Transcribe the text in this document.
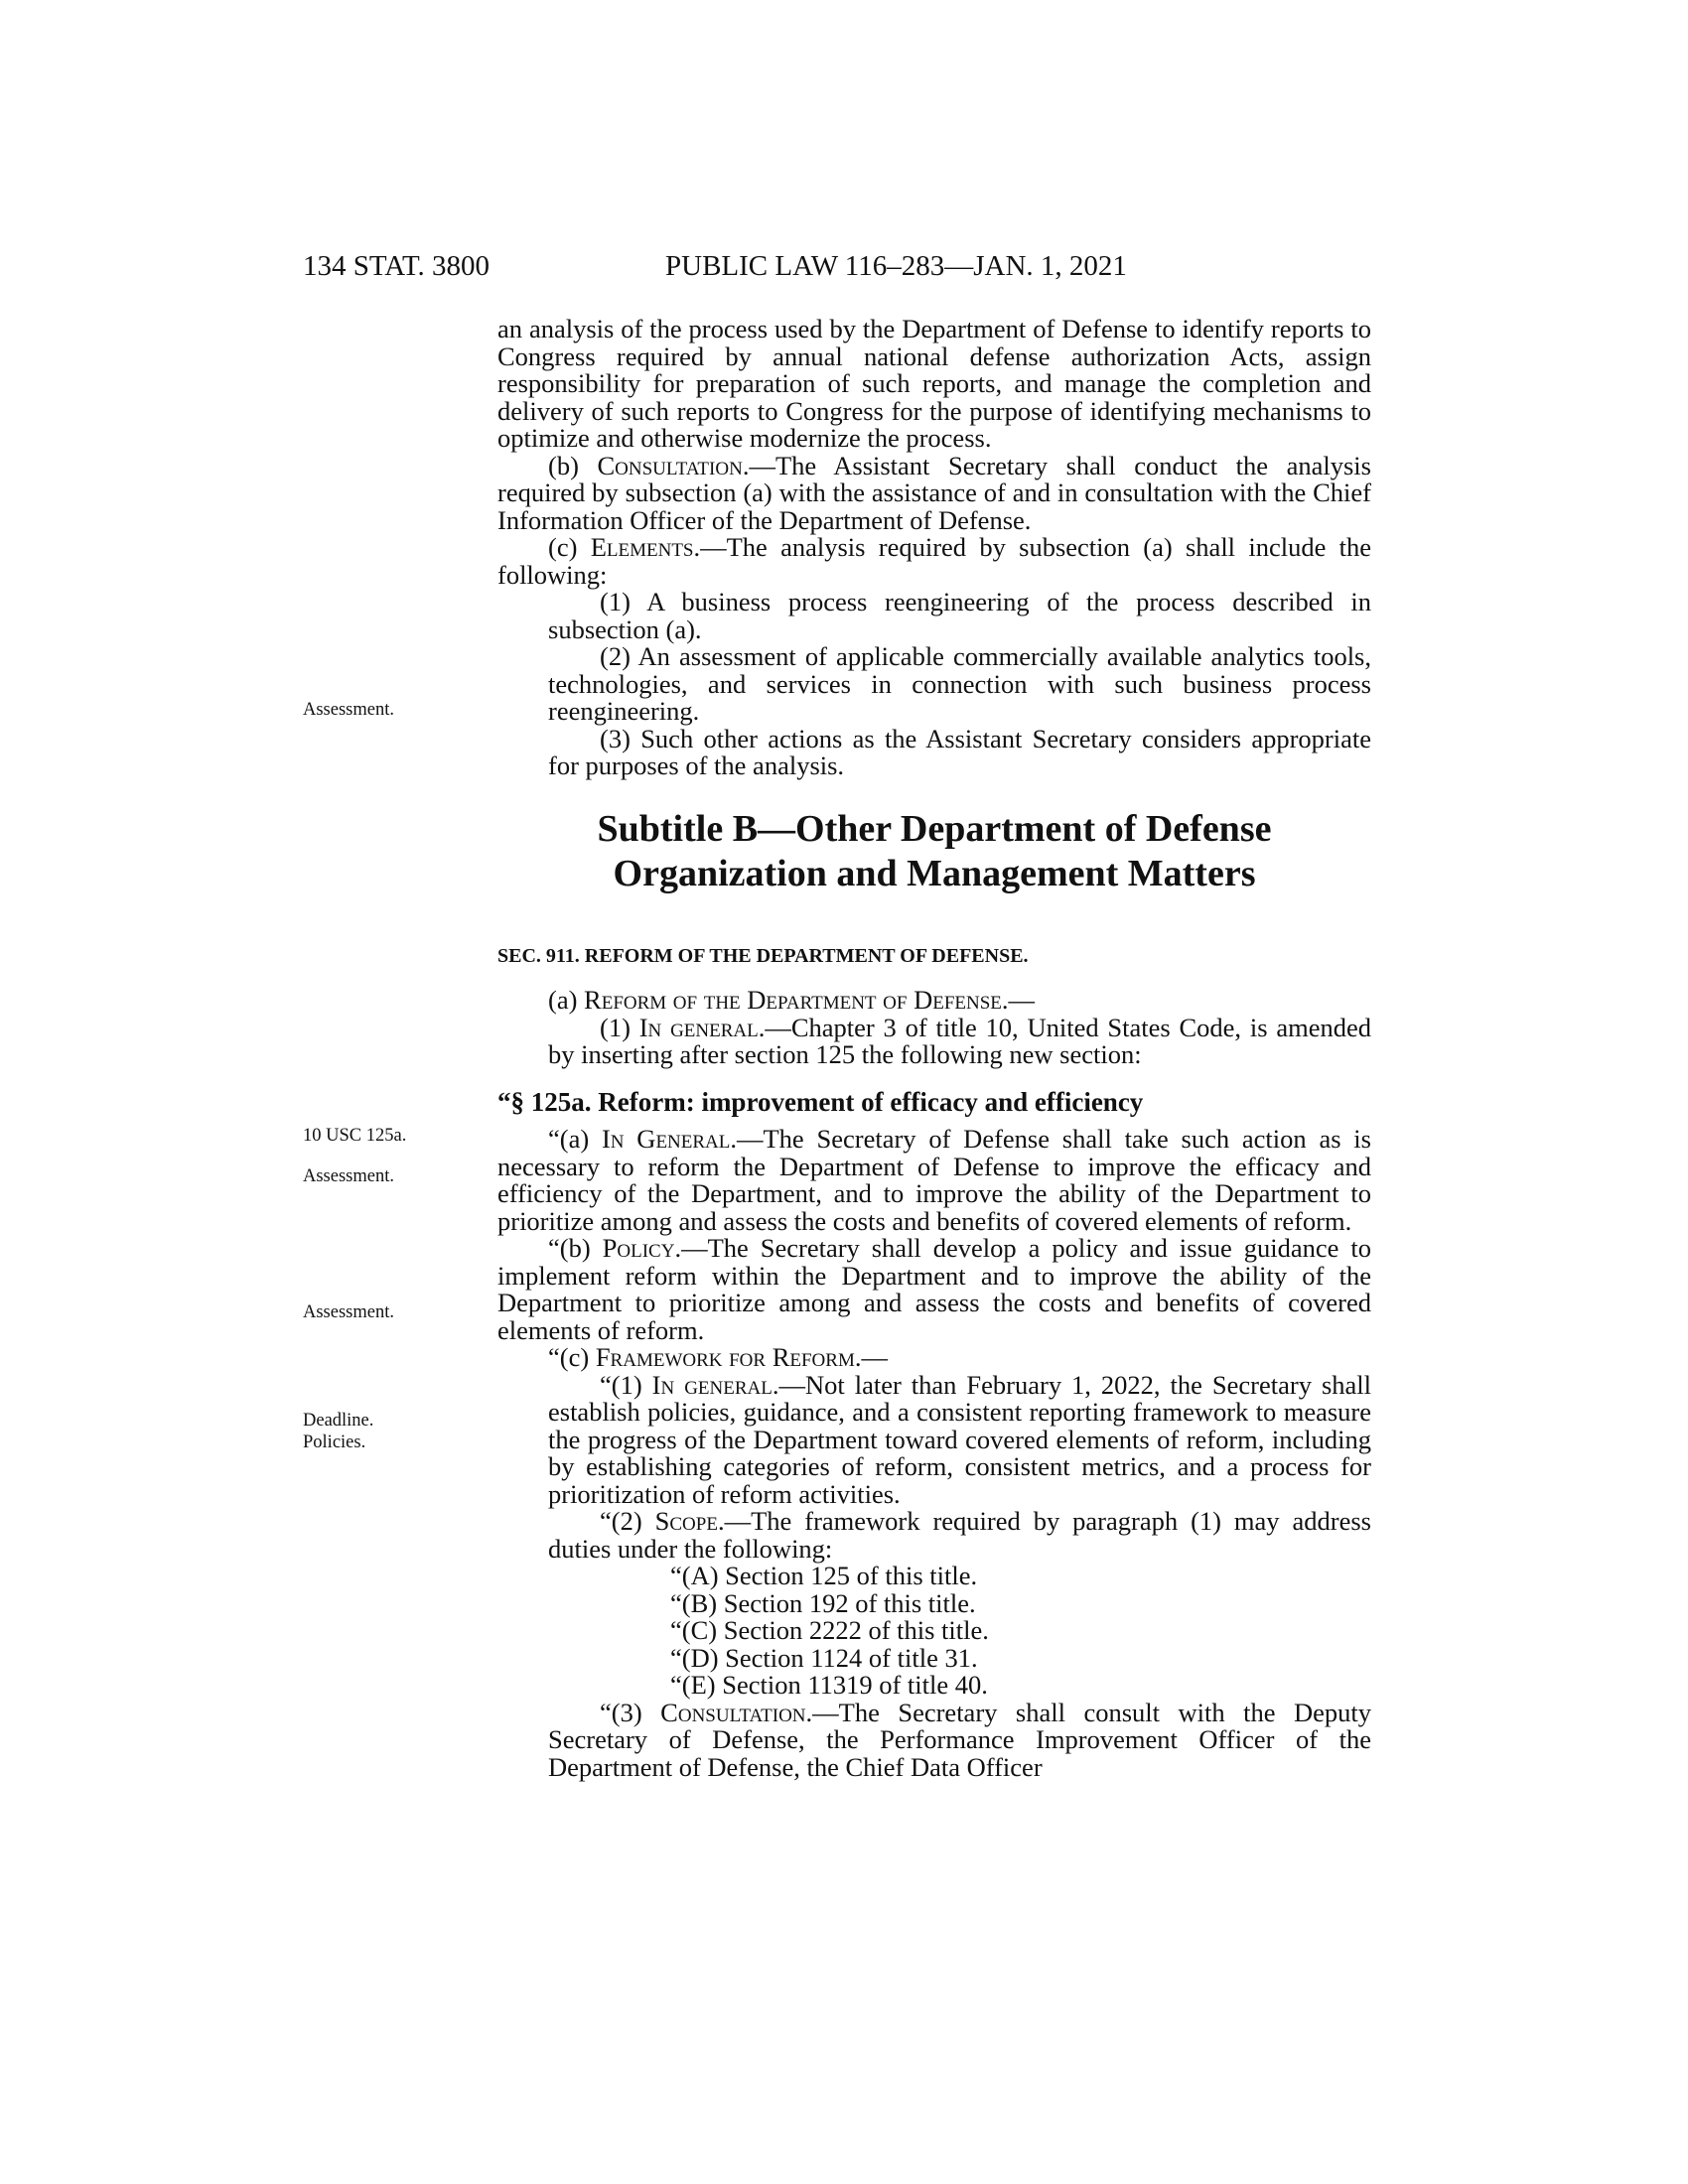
134 STAT. 3800	PUBLIC LAW 116–283—JAN. 1, 2021

an analysis of the process used by the Department of Defense to identify reports to Congress required by annual national defense authorization Acts, assign responsibility for preparation of such reports, and manage the completion and delivery of such reports to Congress for the purpose of identifying mechanisms to optimize and otherwise modernize the process.

(b) Consultation.—The Assistant Secretary shall conduct the analysis required by subsection (a) with the assistance of and in consultation with the Chief Information Officer of the Department of Defense.

(c) Elements.—The analysis required by subsection (a) shall include the following:

(1) A business process reengineering of the process described in subsection (a).

(2) An assessment of applicable commercially available analytics tools, technologies, and services in connection with such business process reengineering.

(3) Such other actions as the Assistant Secretary considers appropriate for purposes of the analysis.

Subtitle B—Other Department of Defense
Organization and Management Matters
SEC. 911. REFORM OF THE DEPARTMENT OF DEFENSE.

(a) Reform of the Department of Defense.—

(1) In general.—Chapter 3 of title 10, United States Code, is amended by inserting after section 125 the following new section:

“§ 125a. Reform: improvement of efficacy and efficiency

“(a) In General.—The Secretary of Defense shall take such action as is necessary to reform the Department of Defense to improve the efficacy and efficiency of the Department, and to improve the ability of the Department to prioritize among and assess the costs and benefits of covered elements of reform.

“(b) Policy.—The Secretary shall develop a policy and issue guidance to implement reform within the Department and to improve the ability of the Department to prioritize among and assess the costs and benefits of covered elements of reform.

“(c) Framework for Reform.—

“(1) In general.—Not later than February 1, 2022, the Secretary shall establish policies, guidance, and a consistent reporting framework to measure the progress of the Department toward covered elements of reform, including by establishing categories of reform, consistent metrics, and a process for prioritization of reform activities.

“(2) Scope.—The framework required by paragraph (1) may address duties under the following:

“(A) Section 125 of this title.

“(B) Section 192 of this title.

“(C) Section 2222 of this title.

“(D) Section 1124 of title 31.

“(E) Section 11319 of title 40.

“(3) Consultation.—The Secretary shall consult with the Deputy Secretary of Defense, the Performance Improvement Officer of the Department of Defense, the Chief Data Officer

Assessment.
10 USC 125a.
Assessment.
Assessment.
Deadline.
Policies.
